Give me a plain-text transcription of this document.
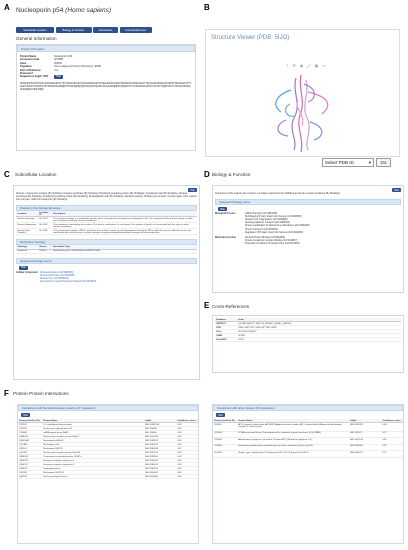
A	B
C	D
E
F
Nucleoporin p54 (Homo sapiens)
Subcellular Location	Biology & Function	Interactions	Cross-References
General Information
Protein Information
Protein Name	Nucleoporin p54
Accession Code	Q7Z3B4
Gene	NUP54
Organism	Homo sapiens (Human) (Taxonomy: 9606)
Part of Reference Proteome?
Yes
Sequence (Length: 507)	Hide
MAFNFGAPSGTSGTAAATAAPAGGFGGFGTTSGTFGGFGSFGGTAASTAAASGFGGFSTSSGFGGFGGTSAATSSGFGGFGTGSGFGGFGTTSGFGGFGAGSGFGGFGQPSTSSGGFGGFGTTSAAATSAAFGTTGFGGFGTSTSSGFGSFGAQPQPSTFGAFGQPQQTQPFGGFGGTSQAAPLAFSLGAFGQQPAATQSGFGTGTLFGGGSSAFGAPSLFSTGATTSQSTGFGTTTAFAAATPASSLGFGGQPQALFNSFGQNQ
Structure Viewer (PDB: 5IJO)
? ⚙ ◉ ⤢ ▣ ▭
Select PDB ID	▾	Go
Subcellular Location
Hide
Nucleus, nuclear pore complex (By Similarity). Nucleus membrane (By Similarity); Peripheral membrane protein (By Similarity); Cytoplasmic side (By Similarity). Nucleus membrane (By Similarity); Peripheral membrane protein (By Similarity); Nucleoplasmic side (By Similarity). Nuclear envelope; Nuclear pore complex. Central region of the nuclear pore complex, within the transporter (By Similarity).
Position in the Nuclear Envelope
Location	Location ID	Description
Nuclear Envelope	SL-0178	The nuclear envelope is a membrane system which surrounds the nucleoplasm of eukaryotic cells. It is composed of the nuclear lamina, nuclear pore complexes and two nuclear membranes.
Nucleus Membrane	SL-0182	The membrane surrounding the nucleus. This term is used when it is not known if the protein is found in or associated with the inner or outer nuclear membrane.
Nuclear Pore Complex	SL-0185	The nuclear pore complex (NPC) constitutes the exclusive means of nucleocytoplasmic transport. NPCs allow the passive diffusion of ions and small molecules and the active, nuclear transport receptor-mediated bidirectional transport of macromolecules.
Membrane Topology
Topology	Source	Annotation Type
Peripheral	UniProt	By Similarity (ECO:0000250|UniProtKB:P70582)
Assigned Ontology terms
Hide
Cellular Component Nuclear Envelope (GO:0005635)
Nuclear Membrane (GO:0031965)
Nuclear Pore (GO:0005643)
Nuclear Pore Central Transport Channel (GO:0044613)
Biology & Function
Hide
Component of the nuclear pore complex, a complex required for the trafficking across the nuclear membrane (By Similarity).
Assigned Ontology terms
Hide
Biological Process	mRNA Transport (GO:0051028)
NLS-Bearing Protein Import Into Nucleus (GO:0006607)
Nuclear Pore Organization (GO:0006999)
Nucleocytoplasmic Transport (GO:0006913)
Protein Localization To Nuclear Inner Membrane (GO:0036228)
Protein Transport (GO:0015031)
Regulation Of Protein Import Into Nucleus (GO:0042306)
Molecular Function	Identical Protein Binding (GO:0042802)
Protein-Containing Complex Binding (GO:0044877)
Structural Constituent Of Nuclear Pore (GO:0017056)
Cross-References
Database	Links
UNIPROT	Q7Z3B4 B3KXC7 B4DTS0 Q96GE7 Q96HL2 Q9BVF6
PDB	4JNU 4JNV 5IJO 5IJN 5IJP 7R5J 7R5K
Pfam	PF13874 PF18437
OMIM	607607
DisGeNET	53371
Protein-Protein Interactions
Interactions with Nuclear Envelope proteins (17 interactors)
Hide
Partner (UniProt ID)	Partner Name	IntAct	Confidence score
P82970	2-O-methyltransferase-region	EBI-10691390	0.35
P37198	Nuclear pore glycoprotein p62	EBI-750806	0.96
P78406	mRNA export factor RAE1	EBI-744656	0.56
Q8NFH4	Nuclear pore complex protein Nup37	EBI-1047404	0.56
Q8WUM0	Nucleoporin p58/p45	EBI-1049142	0.56
Q7Z3B4	Nucleoporin p54	EBI-2685413	0.56
Q9BVL2	Nucleoporin NUP35	EBI-2866036	0.47
Q12769	Nuclear pore complex protein Nup160	EBI-1057191	0.46
Q8NFH3	Centromere-associated protein CENP-L	EBI-2683500	0.46
Q9NWT6	Exosome complex component 1	EBI-1045780	0.56
Q9HCE7	Exosome complex component 5	EBI-2685512	0.56
Q9H019	Isoprenylcysteine	EBI-2863104	0.56
P49790	Nucleoporin NUP153	EBI-2604502	0.56
Q8N1F7	Nuclear transport factor 2	EBI-1045668	0.56
Interactions with other proteins (72 interactors)
Hide
Partner (UniProt ID)	Partner Name	IntAct	Confidence score
P63010	AP-2 complex subunit beta (AP105B) (Adaptor protein complex AP-2 subunit beta) (Adaptor-related protein complex 2 subunit beta)	EBI-1052453	0.56
Q15004	PCNA-associated factor (Overexpressed in anaplastic thyroid carcinoma 2) (p15PAF)	EBI-745074	0.27
P20404	Adenomatous polyposis coli protein (Protein APC) (Deleted in polyposis 2.5)	EBI-1407108	0.56
O14964	Hepatocyte growth factor-regulated tyrosine kinase substrate (Protein pp110)	EBI-1045862	0.78
P51953	Kinetin, type I cytokeratin 13 (Cytokeratin-13) (CK-13) (Keratin-13) (K13)	EBI-1045471	0.27
